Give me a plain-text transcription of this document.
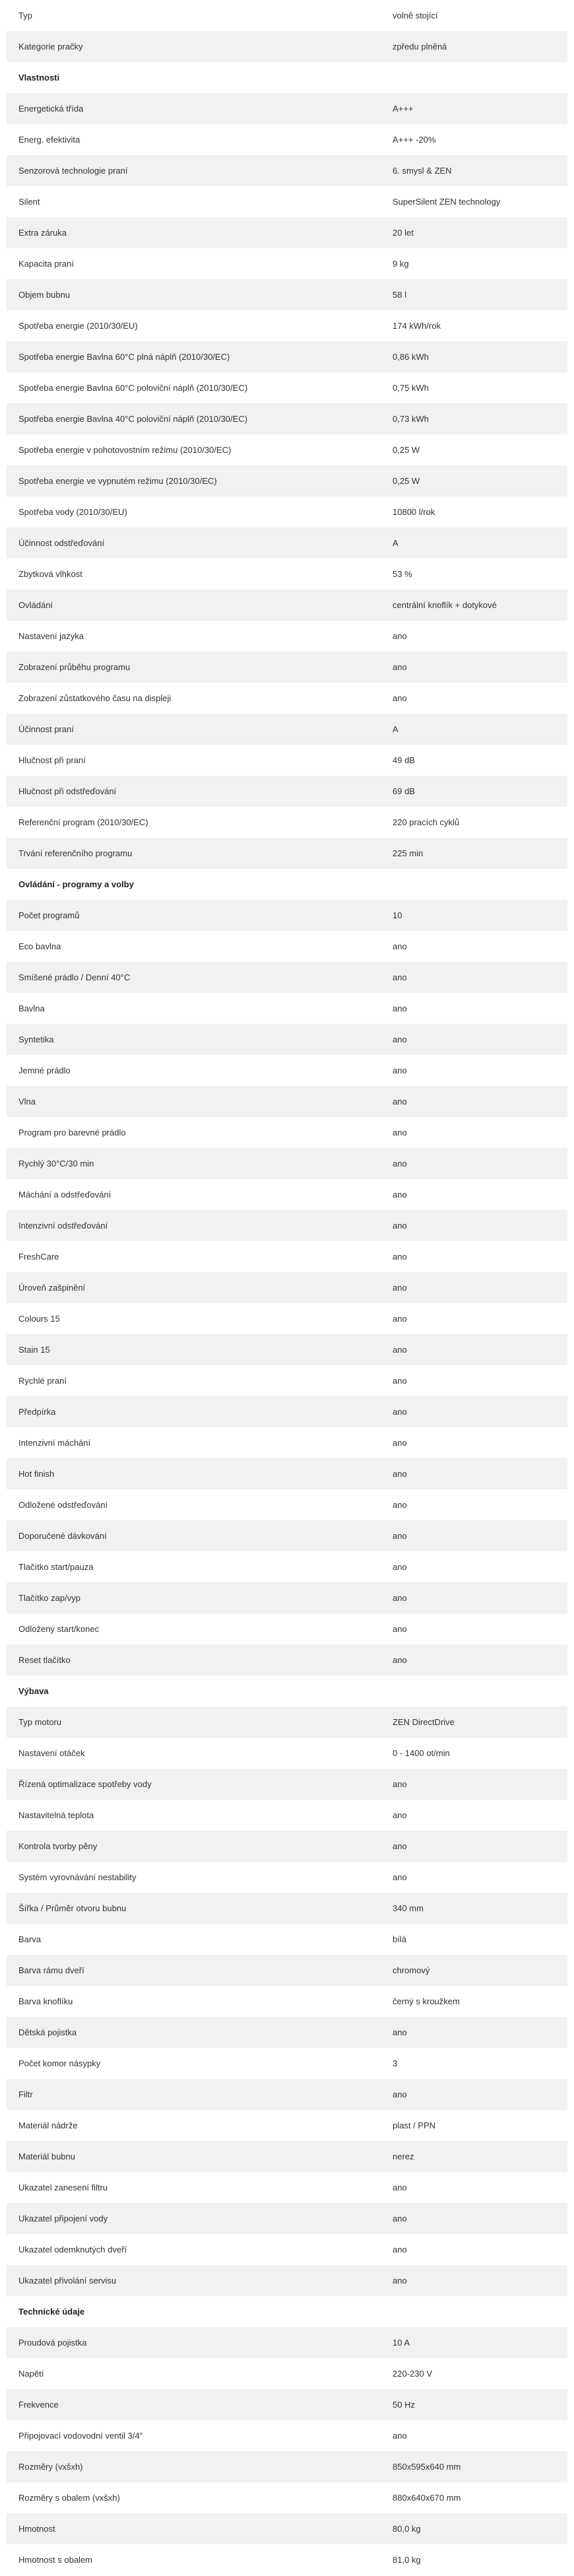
Typ	volně stojící
Kategorie pračky	zpředu plněná
Vlastnosti	
Energetická třída	A+++
Energ. efektivita	A+++ -20%
Senzorová technologie praní	6. smysl & ZEN
Silent	SuperSilent ZEN technology
Extra záruka	20 let
Kapacita praní	9 kg
Objem bubnu	58 l
Spotřeba energie (2010/30/EU)	174 kWh/rok
Spotřeba energie Bavlna 60°C plná náplň (2010/30/EC)	0,86 kWh
Spotřeba energie Bavlna 60°C poloviční náplň (2010/30/EC)	0,75 kWh
Spotřeba energie Bavlna 40°C poloviční náplň (2010/30/EC)	0,73 kWh
Spotřeba energie v pohotovostním režimu (2010/30/EC)	0,25 W
Spotřeba energie ve vypnutém režimu (2010/30/EC)	0,25 W
Spotřeba vody (2010/30/EU)	10800 l/rok
Účinnost odstřeďování	A
Zbytková vlhkost	53 %
Ovládání	centrální knoflík + dotykové
Nastavení jazyka	ano
Zobrazení průběhu programu	ano
Zobrazení zůstatkového času na displeji	ano
Účinnost praní	A
Hlučnost při praní	49 dB
Hlučnost při odstřeďování	69 dB
Referenční program (2010/30/EC)	220 pracích cyklů
Trvání referenčního programu	225 min
Ovládání - programy a volby	
Počet programů	10
Eco bavlna	ano
Smíšené prádlo / Denní 40°C	ano
Bavlna	ano
Syntetika	ano
Jemné prádlo	ano
Vlna	ano
Program pro barevné prádlo	ano
Rychlý 30°C/30 min	ano
Máchání a odstřeďování	ano
Intenzivní odstřeďování	ano
FreshCare	ano
Úroveň zašpinění	ano
Colours 15	ano
Stain 15	ano
Rychlé praní	ano
Předpírka	ano
Intenzivní máchání	ano
Hot finish	ano
Odložené odstřeďování	ano
Doporučené dávkování	ano
Tlačítko start/pauza	ano
Tlačítko zap/vyp	ano
Odložený start/konec	ano
Reset tlačítko	ano
Výbava	
Typ motoru	ZEN DirectDrive
Nastavení otáček	0 - 1400 ot/min
Řízená optimalizace spotřeby vody	ano
Nastavitelná teplota	ano
Kontrola tvorby pěny	ano
Systém vyrovnávání nestability	ano
Šířka / Průměr otvoru bubnu	340 mm
Barva	bílá
Barva rámu dveří	chromový
Barva knoflíku	černý s kroužkem
Dětská pojistka	ano
Počet komor násypky	3
Filtr	ano
Materiál nádrže	plast / PPN
Materiál bubnu	nerez
Ukazatel zanesení filtru	ano
Ukazatel připojení vody	ano
Ukazatel odemknutých dveří	ano
Ukazatel přivolání servisu	ano
Technické údaje	
Proudová pojistka	10 A
Napětí	220-230 V
Frekvence	50 Hz
Připojovací vodovodní ventil 3/4"	ano
Rozměry (vxšxh)	850x595x640 mm
Rozměry s obalem (vxšxh)	880x640x670 mm
Hmotnost	80,0 kg
Hmotnost s obalem	81,0 kg
